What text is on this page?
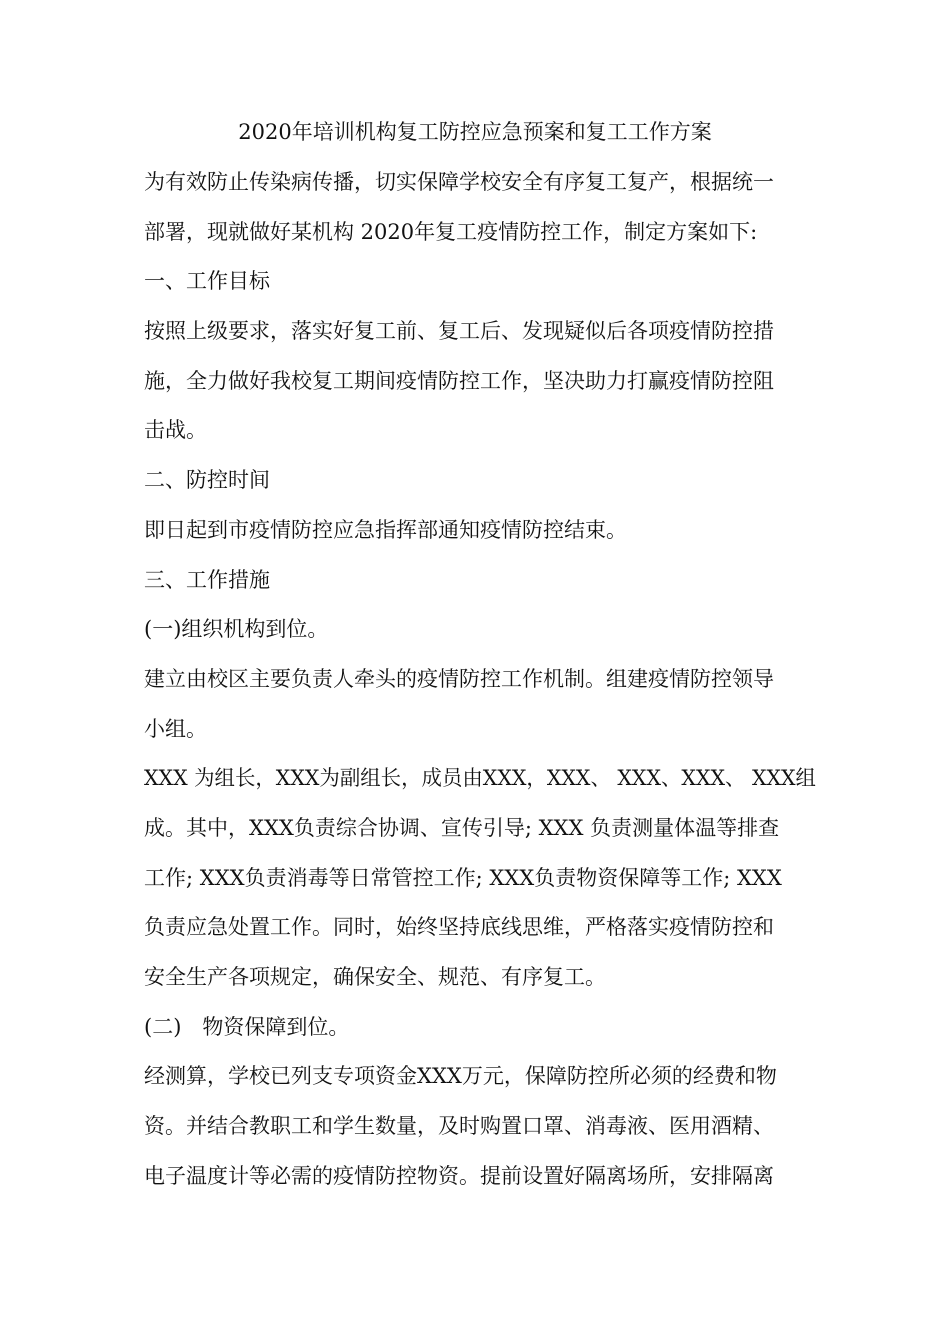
2020年培训机构复工防控应急预案和复工工作方案
为有效防止传染病传播，切实保障学校安全有序复工复产，根据统一
部署，现就做好某机构 2020年复工疫情防控工作，制定方案如下:
一、工作目标
按照上级要求，落实好复工前、复工后、发现疑似后各项疫情防控措
施，全力做好我校复工期间疫情防控工作，坚决助力打赢疫情防控阻
击战。
二、防控时间
即日起到市疫情防控应急指挥部通知疫情防控结束。
三、工作措施
(一)组织机构到位。
建立由校区主要负责人牵头的疫情防控工作机制。组建疫情防控领导
小组。
XXX 为组长，XXX为副组长，成员由XXX，XXX、 XXX、XXX、 XXX组
成。其中，XXX负责综合协调、宣传引导; XXX 负责测量体温等排查
工作; XXX负责消毒等日常管控工作; XXX负责物资保障等工作; XXX
负责应急处置工作。同时，始终坚持底线思维，严格落实疫情防控和
安全生产各项规定，确保安全、规范、有序复工。
(二)　物资保障到位。
经测算，学校已列支专项资金XXX万元，保障防控所必须的经费和物
资。并结合教职工和学生数量，及时购置口罩、消毒液、医用酒精、
电子温度计等必需的疫情防控物资。提前设置好隔离场所，安排隔离
